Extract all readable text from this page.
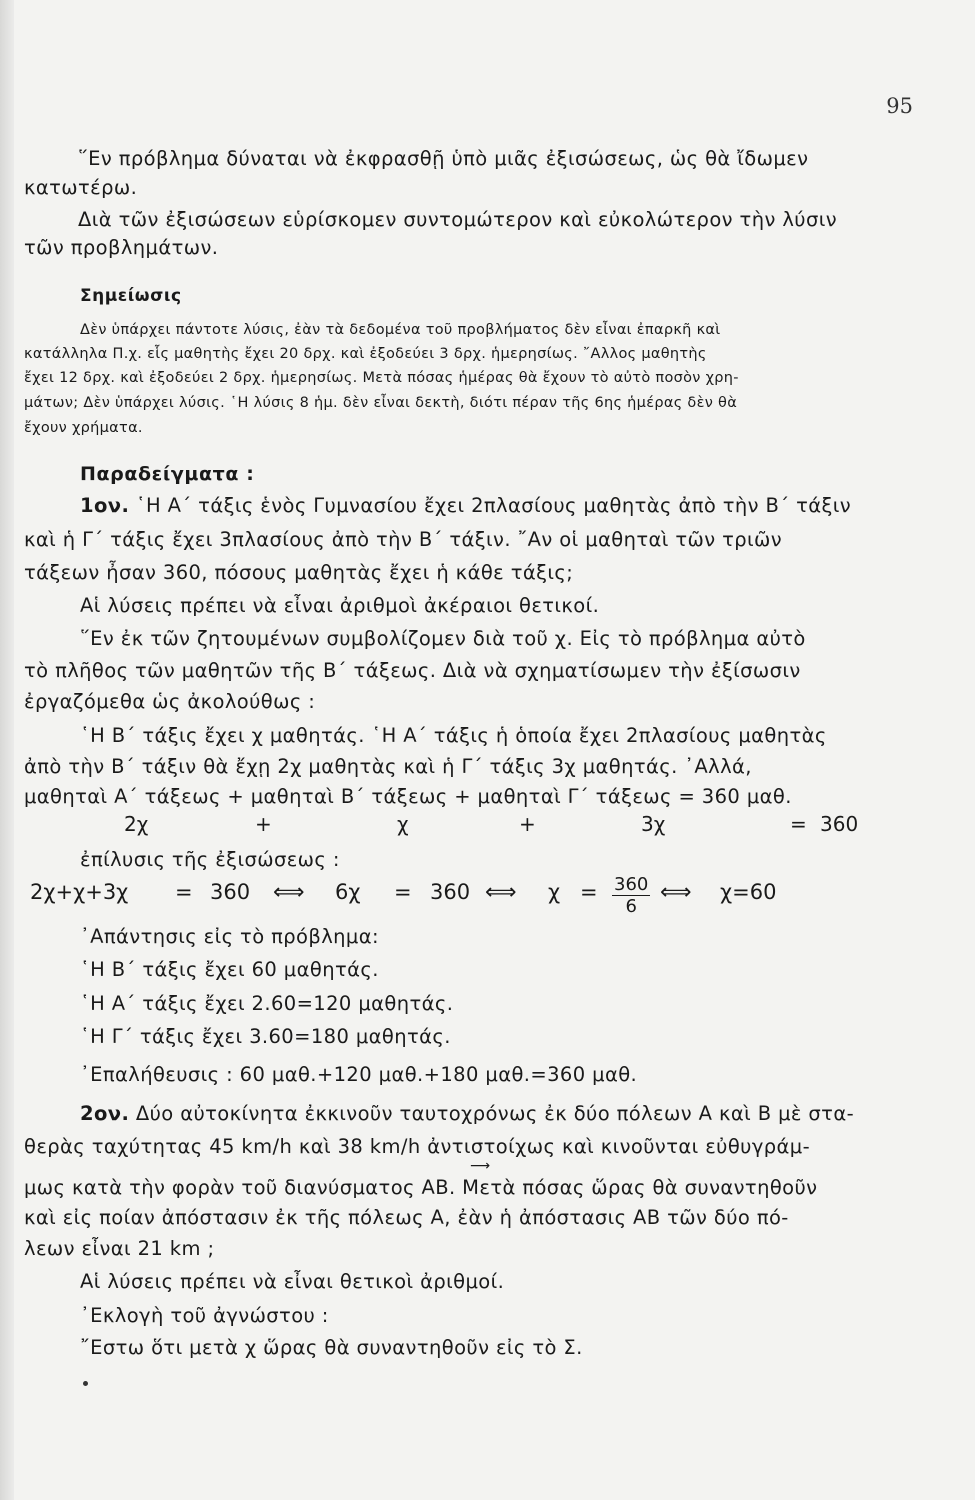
95
῞Εν πρόβλημα δύναται νὰ ἐκφρασθῇ ὑπὸ μιᾶς ἐξισώσεως, ὡς θὰ ἴδωμεν
κατωτέρω.
Διὰ τῶν ἐξισώσεων εὑρίσκομεν συντομώτερον καὶ εὐκολώτερον τὴν λύσιν
τῶν προβλημάτων.
Σημείωσις
Δὲν ὑπάρχει πάντοτε λύσις, ἐὰν τὰ δεδομένα τοῦ προβλήματος δὲν εἶναι ἐπαρκῆ καὶ
κατάλληλα Π.χ. εἷς μαθητὴς ἔχει 20 δρχ. καὶ ἐξοδεύει 3 δρχ. ἡμερησίως. ῎Αλλος μαθητὴς
ἔχει 12 δρχ. καὶ ἐξοδεύει 2 δρχ. ἡμερησίως. Μετὰ πόσας ἡμέρας θὰ ἔχουν τὸ αὐτὸ ποσὸν χρη-
μάτων; Δὲν ὑπάρχει λύσις. ῾Η λύσις 8 ἡμ. δὲν εἶναι δεκτὴ, διότι πέραν τῆς 6ης ἡμέρας δὲν θὰ
ἔχουν χρήματα.
Παραδείγματα :
1ον. ῾Η Α΄ τάξις ἑνὸς Γυμνασίου ἔχει 2πλασίους μαθητὰς ἀπὸ τὴν Β΄ τάξιν
καὶ ἡ Γ΄ τάξις ἔχει 3πλασίους ἀπὸ τὴν Β΄ τάξιν. ῎Αν οἱ μαθηταὶ τῶν τριῶν
τάξεων ἦσαν 360, πόσους μαθητὰς ἔχει ἡ κάθε τάξις;
Αἱ λύσεις πρέπει νὰ εἶναι ἀριθμοὶ ἀκέραιοι θετικοί.
῞Εν ἐκ τῶν ζητουμένων συμβολίζομεν διὰ τοῦ χ. Εἰς τὸ πρόβλημα αὐτὸ
τὸ πλῆθος τῶν μαθητῶν τῆς Β΄ τάξεως. Διὰ νὰ σχηματίσωμεν τὴν ἐξίσωσιν
ἐργαζόμεθα ὡς ἀκολούθως :
῾Η Β΄ τάξις ἔχει χ μαθητάς. ῾Η Α΄ τάξις ἡ ὁποία ἔχει 2πλασίους μαθητὰς
ἀπὸ τὴν Β΄ τάξιν θὰ ἔχῃ 2χ μαθητὰς καὶ ἡ Γ΄ τάξις 3χ μαθητάς. ᾿Αλλά,
μαθηταὶ Α΄ τάξεως + μαθηταὶ Β΄ τάξεως + μαθηταὶ Γ΄ τάξεως = 360 μαθ.
2χ	+	χ	+	3χ	= 360
ἐπίλυσις τῆς ἐξισώσεως :
2χ+χ+3χ = 360 ⟺ 6χ = 360 ⟺ $\chi = \frac{360}{6}$ ⟺ χ=60
᾿Απάντησις εἰς τὸ πρόβλημα:
῾Η Β΄ τάξις ἔχει 60 μαθητάς.
῾Η Α΄ τάξις ἔχει 2.60=120 μαθητάς.
῾Η Γ΄ τάξις ἔχει 3.60=180 μαθητάς.
᾿Επαλήθευσις : 60 μαθ.+120 μαθ.+180 μαθ.=360 μαθ.
2ον. Δύο αὐτοκίνητα ἐκκινοῦν ταυτοχρόνως ἐκ δύο πόλεων Α καὶ Β μὲ στα-
θερὰς ταχύτητας 45 km/h καὶ 38 km/h ἀντιστοίχως καὶ κινοῦνται εὐθυγράμ-
⟶
μως κατὰ τὴν φορὰν τοῦ διανύσματος ΑΒ. Μετὰ πόσας ὥρας θὰ συναντηθοῦν
καὶ εἰς ποίαν ἀπόστασιν ἐκ τῆς πόλεως Α, ἐὰν ἡ ἀπόστασις ΑΒ τῶν δύο πό-
λεων εἶναι 21 km ;
Αἱ λύσεις πρέπει νὰ εἶναι θετικοὶ ἀριθμοί.
᾿Εκλογὴ τοῦ ἀγνώστου :
῎Εστω ὅτι μετὰ χ ὥρας θὰ συναντηθοῦν εἰς τὸ Σ.
